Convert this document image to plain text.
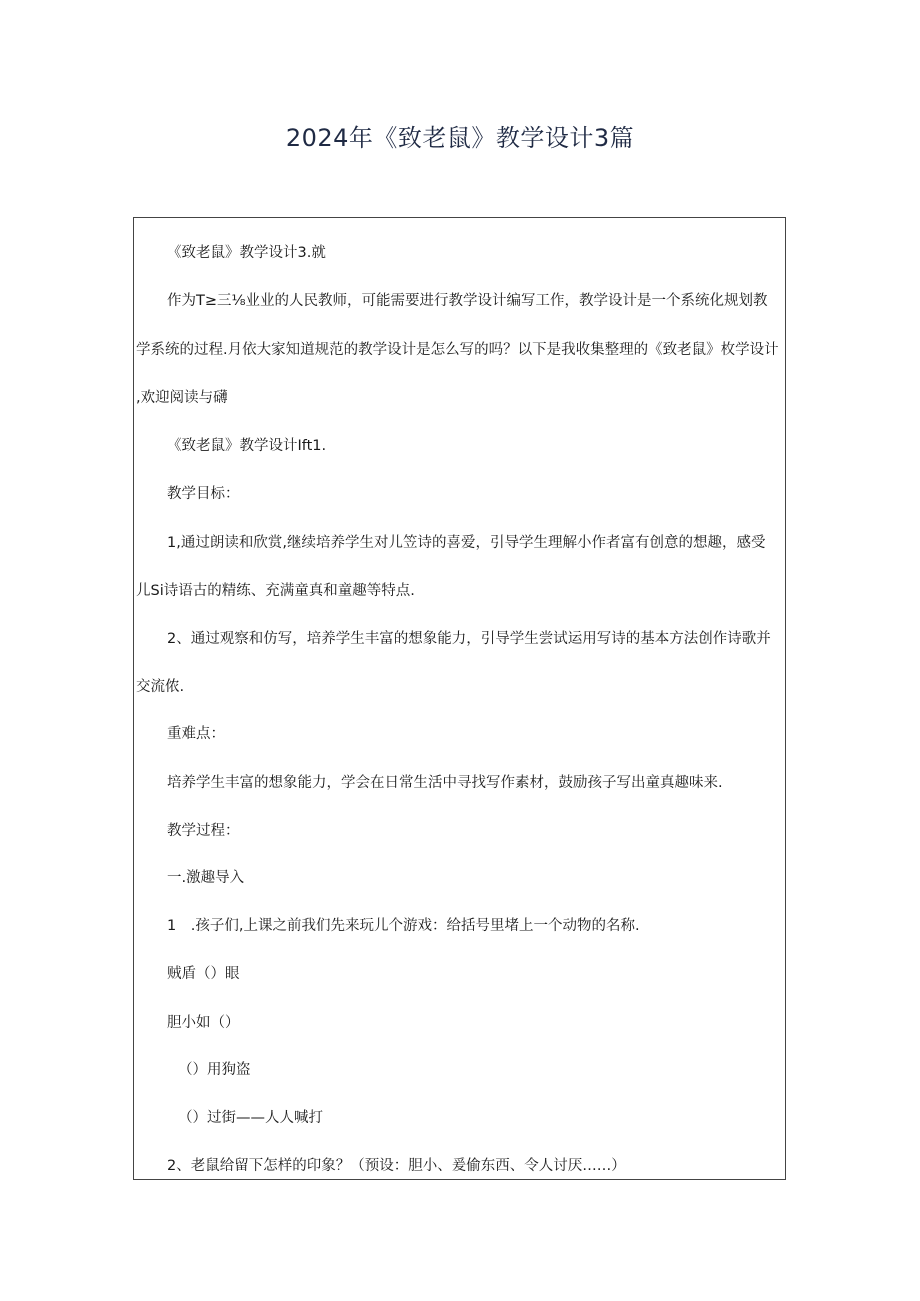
2024年《致老鼠》教学设计3篇
《致老鼠》教学设计3.就
作为T≥三⅛业业的人民教师，可能需要进行教学设计编写工作，教学设计是一个系统化规划教
学系统的过程.月依大家知道规范的教学设计是怎么写的吗？以下是我收集整理的《致老鼠》枚学设计
,欢迎阅读与礴
《致老鼠》教学设计Ift1.
教学目标：
1,通过朗读和欣赏,继续培养学生对儿笠诗的喜爱，引导学生理解小作者富有创意的想趣，感受
儿Si诗语古的精练、充满童真和童趣等特点.
2、通过观察和仿写，培养学生丰富的想象能力，引导学生尝试运用写诗的基本方法创作诗歌并
交流侬.
重难点：
培养学生丰富的想象能力，学会在日常生活中寻找写作素材，鼓励孩子写出童真趣味来.
教学过程：
一.激趣导入
1　.孩子们,上课之前我们先来玩儿个游戏：给括号里堵上一个动物的名称.
贼盾（）眼
胆小如（）
（）用狗盗
（）过街——人人喊打
2、老鼠给留下怎样的印象？（预设：胆小、爰偷东西、令人讨厌……）
